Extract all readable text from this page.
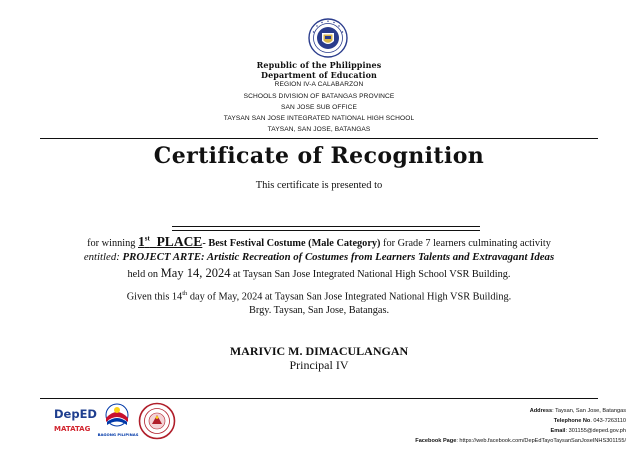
Republic of the Philippines
Department of Education
REGION IV-A CALABARZON
SCHOOLS DIVISION OF BATANGAS PROVINCE
SAN JOSE SUB OFFICE
TAYSAN SAN JOSE INTEGRATED NATIONAL HIGH SCHOOL
TAYSAN, SAN JOSE, BATANGAS
Certificate of Recognition
This certificate is presented to
for winning 1st PLACE- Best Festival Costume (Male Category) for Grade 7 learners culminating activity
entitled: PROJECT ARTE: Artistic Recreation of Costumes from Learners Talents and Extravagant Ideas
held on May 14, 2024 at Taysan San Jose Integrated National High School VSR Building.
Given this 14th day of May, 2024 at Taysan San Jose Integrated National High VSR Building.
Brgy. Taysan, San Jose, Batangas.
MARIVIC M. DIMACULANGAN
Principal IV
DepED
MATATAG
BAGONG PILIPINAS
Address: Taysan, San Jose, Batangas
Telephone No. 043-7263110
Email: 301155@deped.gov.ph
Facebook Page: https://web.facebook.com/DepEdTayoTaysanSanJoseINHS301155/
